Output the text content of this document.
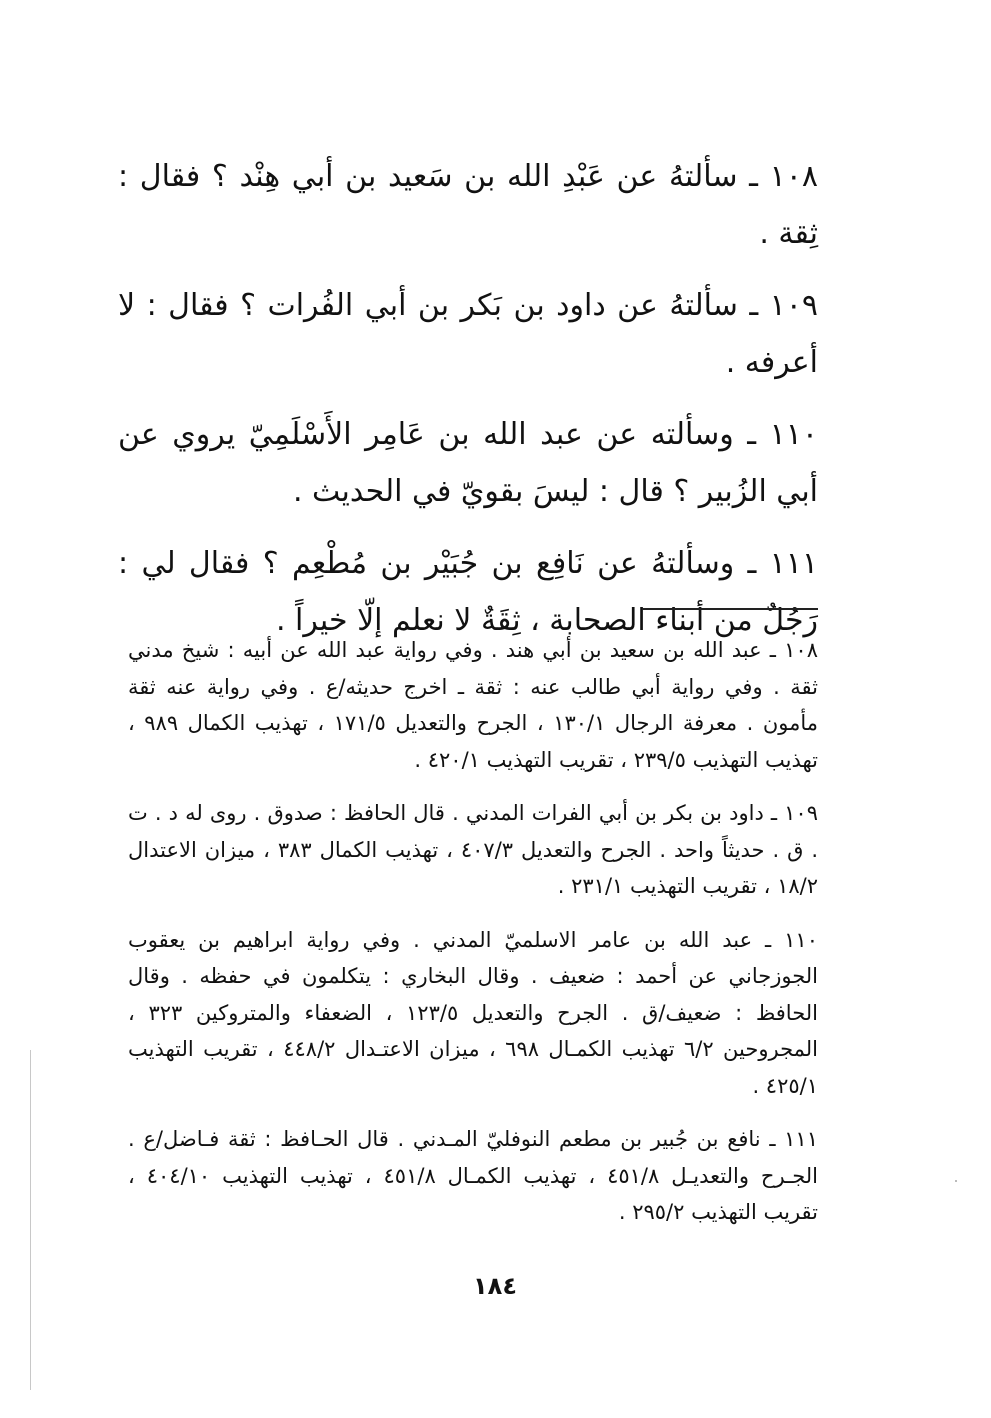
١٠٨ ـ سألتهُ عن عَبْدِ الله بن سَعيد بن أبي هِنْد ؟ فقال : ثِقة .

١٠٩ ـ سألتهُ عن داود بن بَكر بن أبي الفُرات ؟ فقال : لا أعرفه .

١١٠ ـ وسألته عن عبد الله بن عَامِر الأَسْلَمِيّ يروي عن أبي الزُبير ؟ قال : ليسَ بقويّ في الحديث .

١١١ ـ وسألتهُ عن نَافِع بن جُبَيْر بن مُطْعِم ؟ فقال لي : رَجُلٌ من أبناء الصحابة ، ثِقَةٌ لا نعلم إلّا خيراً .

١٠٨ ـ عبد الله بن سعيد بن أبي هند . وفي رواية عبد الله عن أبيه : شيخ مدني ثقة . وفي رواية أبي طالب عنه : ثقة ـ اخرج حديثه/ع . وفي رواية عنه ثقة مأمون . معرفة الرجال ١٣٠/١ ، الجرح والتعديل ١٧١/٥ ، تهذيب الكمال ٩٨٩ ، تهذيب التهذيب ٢٣٩/٥ ، تقريب التهذيب ٤٢٠/١ .

١٠٩ ـ داود بن بكر بن أبي الفرات المدني . قال الحافظ : صدوق . روى له د . ت . ق . حديثاً واحد . الجرح والتعديل ٤٠٧/٣ ، تهذيب الكمال ٣٨٣ ، ميزان الاعتدال ١٨/٢ ، تقريب التهذيب ٢٣١/١ .

١١٠ ـ عبد الله بن عامر الاسلميّ المدني . وفي رواية ابراهيم بن يعقوب الجوزجاني عن أحمد : ضعيف . وقال البخاري : يتكلمون في حفظه . وقال الحافظ : ضعيف/ق . الجرح والتعديل ١٢٣/٥ ، الضعفاء والمتروكين ٣٢٣ ، المجروحين ٦/٢ تهذيب الكمـال ٦٩٨ ، ميزان الاعتـدال ٤٤٨/٢ ، تقريب التهذيب ٤٢٥/١ .

١١١ ـ نافع بن جُبير بن مطعم النوفليّ المـدني . قال الحـافظ : ثقة فـاضل/ع . الجـرح والتعديـل ٤٥١/٨ ، تهذيب الكمـال ٤٥١/٨ ، تهذيب التهذيب ٤٠٤/١٠ ، تقريب التهذيب ٢٩٥/٢ .

١٨٤
